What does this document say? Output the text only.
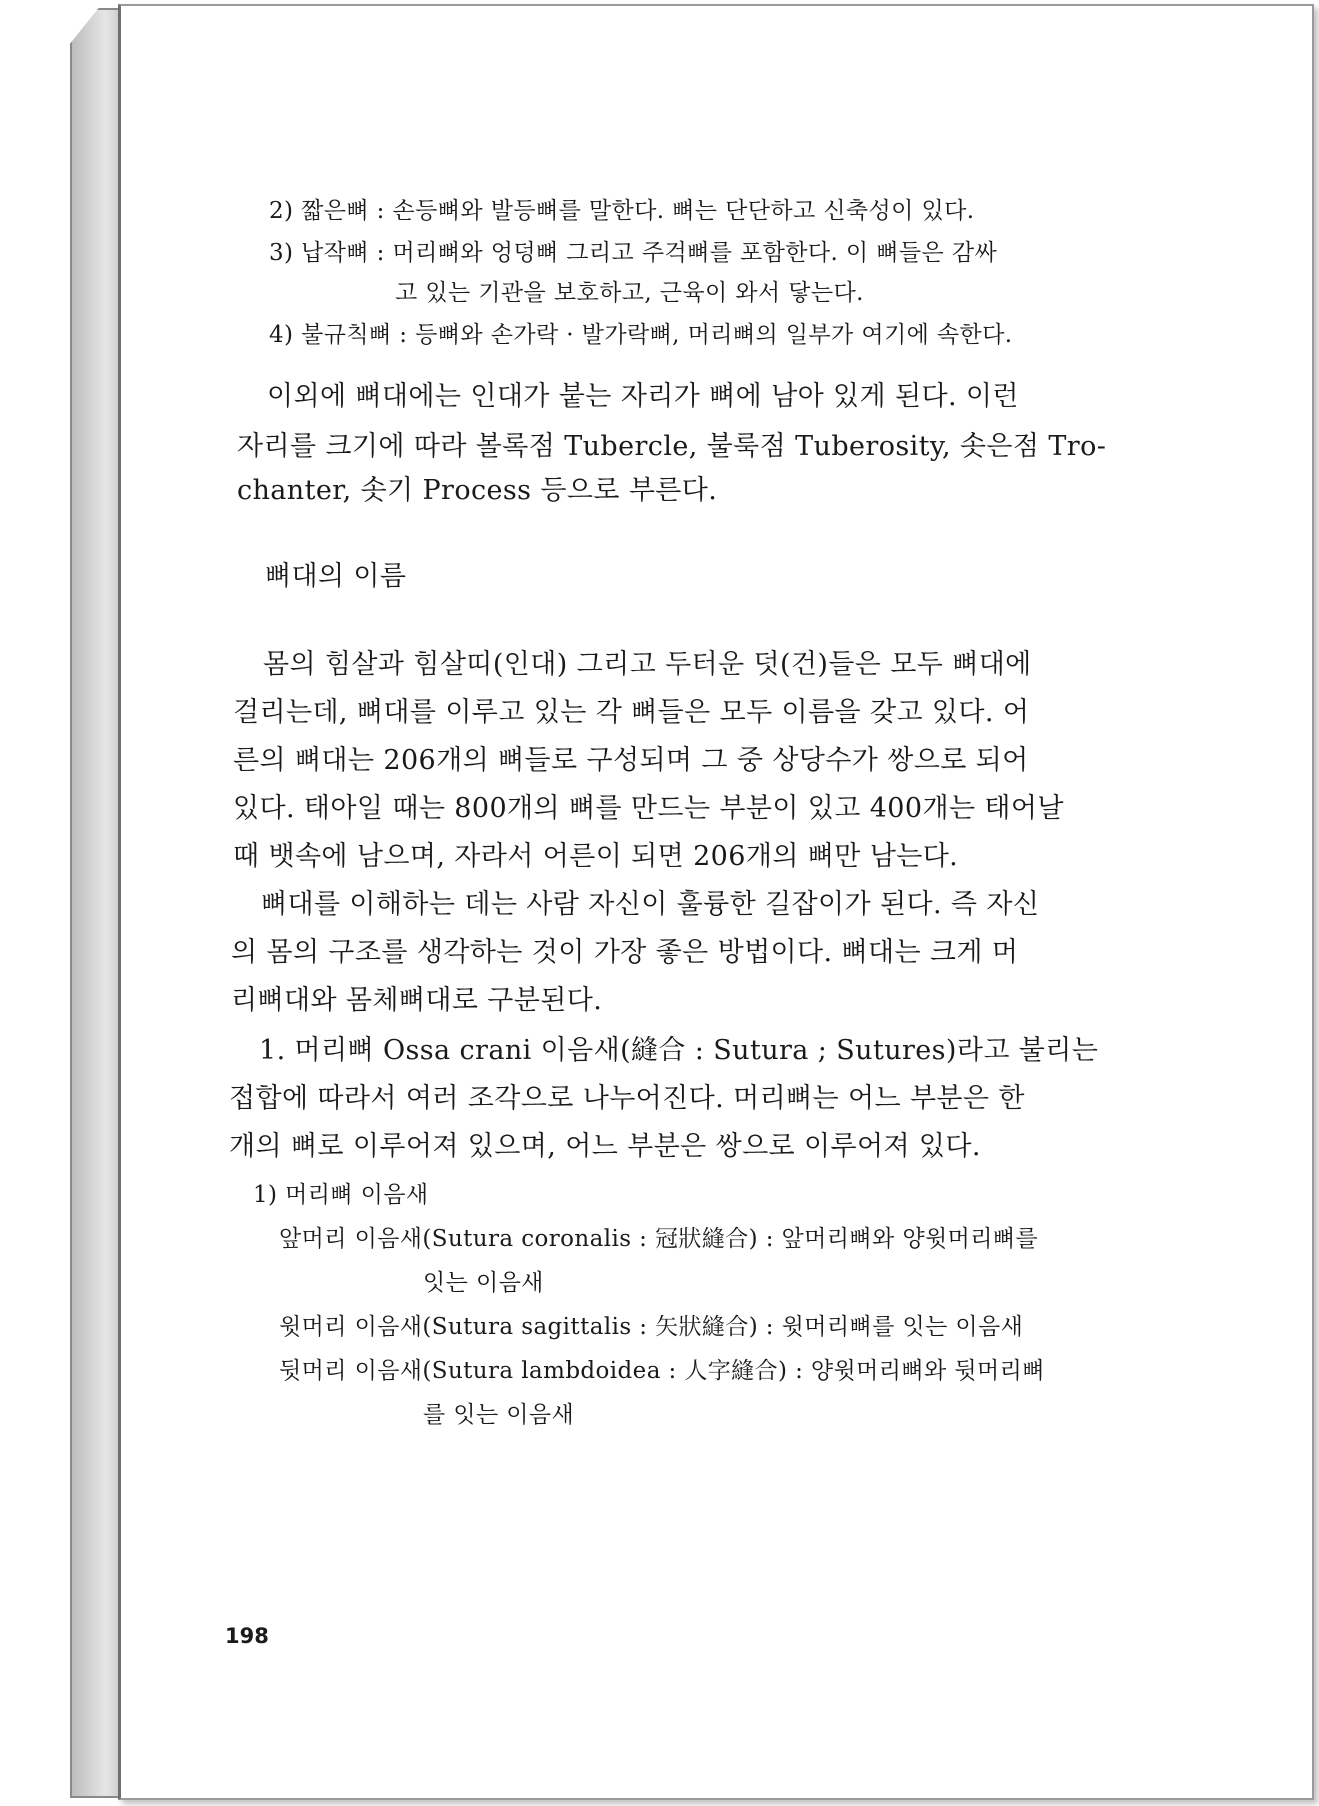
2) 짧은뼈 : 손등뼈와 발등뼈를 말한다. 뼈는 단단하고 신축성이 있다.
3) 납작뼈 : 머리뼈와 엉덩뼈 그리고 주걱뼈를 포함한다. 이 뼈들은 감싸
고 있는 기관을 보호하고, 근육이 와서 닿는다.
4) 불규칙뼈 : 등뼈와 손가락 · 발가락뼈, 머리뼈의 일부가 여기에 속한다.
이외에 뼈대에는 인대가 붙는 자리가 뼈에 남아 있게 된다. 이런
자리를 크기에 따라 볼록점 Tubercle, 불룩점 Tuberosity, 솟은점 Tro-
chanter, 솟기 Process 등으로 부른다.
뼈대의 이름
몸의 힘살과 힘살띠(인대) 그리고 두터운 덧(건)들은 모두 뼈대에
걸리는데, 뼈대를 이루고 있는 각 뼈들은 모두 이름을 갖고 있다. 어
른의 뼈대는 206개의 뼈들로 구성되며 그 중 상당수가 쌍으로 되어
있다. 태아일 때는 800개의 뼈를 만드는 부분이 있고 400개는 태어날
때 뱃속에 남으며, 자라서 어른이 되면 206개의 뼈만 남는다.
뼈대를 이해하는 데는 사람 자신이 훌륭한 길잡이가 된다. 즉 자신
의 몸의 구조를 생각하는 것이 가장 좋은 방법이다. 뼈대는 크게 머
리뼈대와 몸체뼈대로 구분된다.
1. 머리뼈 Ossa crani 이음새(縫合 : Sutura ; Sutures)라고 불리는
접합에 따라서 여러 조각으로 나누어진다. 머리뼈는 어느 부분은 한
개의 뼈로 이루어져 있으며, 어느 부분은 쌍으로 이루어져 있다.
1) 머리뼈 이음새
앞머리 이음새(Sutura coronalis : 冠狀縫合) : 앞머리뼈와 양윗머리뼈를
잇는 이음새
윗머리 이음새(Sutura sagittalis : 矢狀縫合) : 윗머리뼈를 잇는 이음새
뒷머리 이음새(Sutura lambdoidea : 人字縫合) : 양윗머리뼈와 뒷머리뼈
를 잇는 이음새
198
